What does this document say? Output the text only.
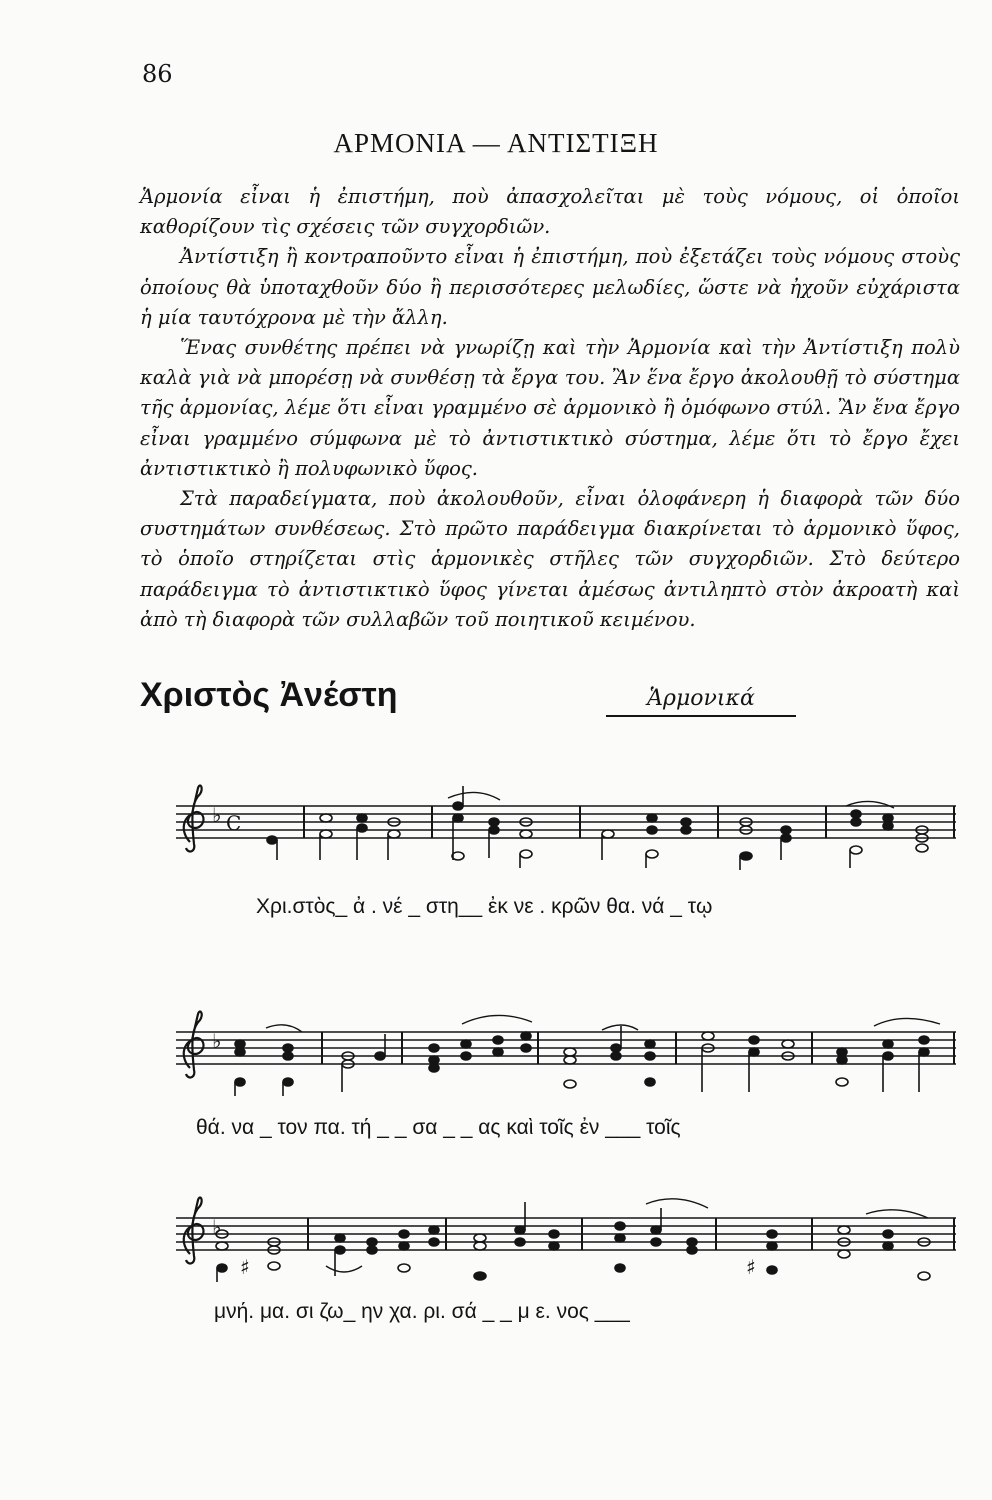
86
ΑΡΜΟΝΙΑ — ΑΝΤΙΣΤΙΞΗ

Ἁρμονία εἶναι ἡ ἐπιστήμη, ποὺ ἀπασχολεῖται μὲ τοὺς νόμους, οἱ ὁποῖοι καθορίζουν τὶς σχέσεις τῶν συγχορδιῶν.

Ἀντίστιξη ἢ κοντραποῦντο εἶναι ἡ ἐπιστήμη, ποὺ ἐξετάζει τοὺς νόμους στοὺς ὁποίους θὰ ὑποταχθοῦν δύο ἢ περισσότερες μελωδίες, ὥστε νὰ ἠχοῦν εὐχάριστα ἡ μία ταυτόχρονα μὲ τὴν ἄλλη.

Ἕνας συνθέτης πρέπει νὰ γνωρίζῃ καὶ τὴν Ἁρμονία καὶ τὴν Ἀντίστιξη πολὺ καλὰ γιὰ νὰ μπορέσῃ νὰ συνθέσῃ τὰ ἔργα του. Ἂν ἕνα ἔργο ἀκολουθῇ τὸ σύστημα τῆς ἁρμονίας, λέμε ὅτι εἶναι γραμμένο σὲ ἁρμονικὸ ἢ ὁμόφωνο στύλ. Ἂν ἕνα ἔργο εἶναι γραμμένο σύμφωνα μὲ τὸ ἀντιστικτικὸ σύστημα, λέμε ὅτι τὸ ἔργο ἔχει ἀντιστικτικὸ ἢ πολυφωνικὸ ὕφος.

Στὰ παραδείγματα, ποὺ ἀκολουθοῦν, εἶναι ὁλοφάνερη ἡ διαφορὰ τῶν δύο συστημάτων συνθέσεως. Στὸ πρῶτο παράδειγμα διακρίνεται τὸ ἁρμονικὸ ὕφος, τὸ ὁποῖο στηρίζεται στὶς ἁρμονικὲς στῆλες τῶν συγχορδιῶν. Στὸ δεύτερο παράδειγμα τὸ ἀντιστικτικὸ ὕφος γίνεται ἀμέσως ἀντιληπτὸ στὸν ἀκροατὴ καὶ ἀπὸ τὴ διαφορὰ τῶν συλλαβῶν τοῦ ποιητικοῦ κειμένου.

Χριστὸς Ἀνέστη	Ἁρμονικά
♭ C
Χρι.στὸς_ ἀ . νέ _ στη__ ἐκ νε . κρῶν θα. νά _ τῳ
♭
θά. να _ τον πα. τή _ _ σα _ _ ας καὶ τοῖς ἐν ___ τοῖς
♭
♯	♯
μνή. μα. σι ζω_ ην χα. ρι. σά _ _ μ ε. νος ___
